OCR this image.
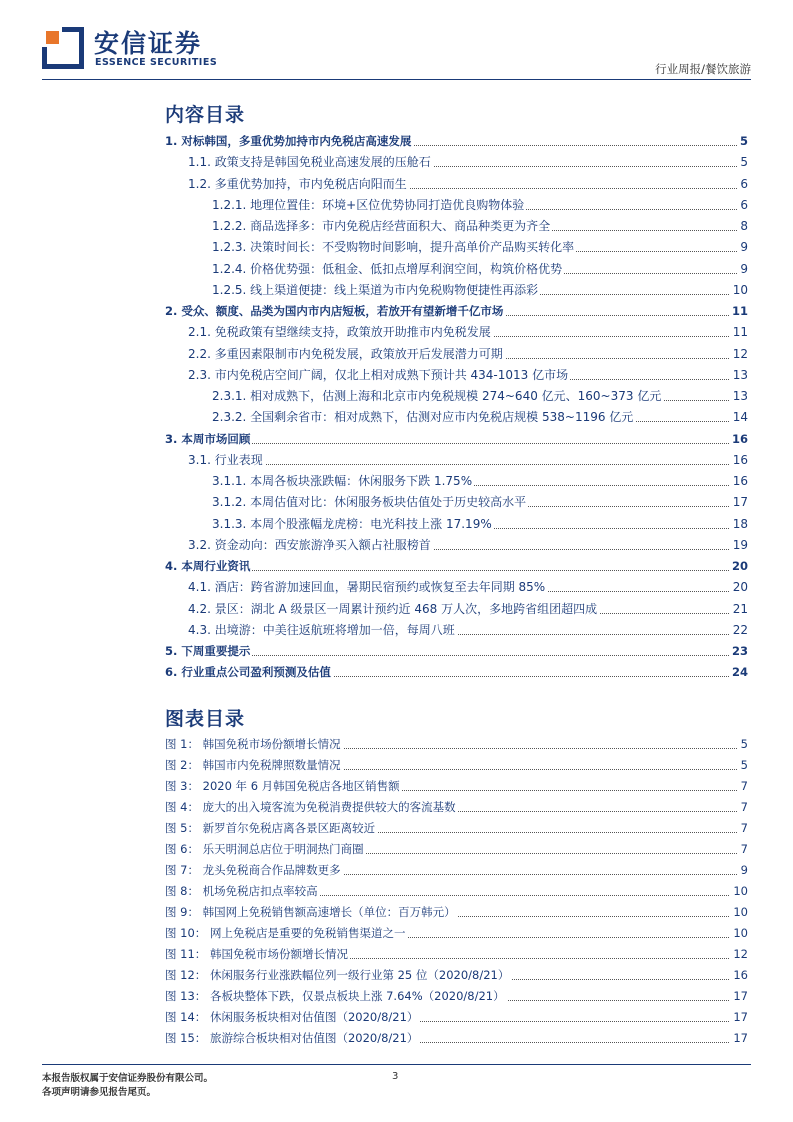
安信证券
ESSENCE SECURITIES	行业周报/餐饮旅游
内容目录
1. 对标韩国，多重优势加持市内免税店高速发展	5
1.1. 政策支持是韩国免税业高速发展的压舱石	5
1.2. 多重优势加持，市内免税店向阳而生	6
1.2.1. 地理位置佳：环境+区位优势协同打造优良购物体验	6
1.2.2. 商品选择多：市内免税店经营面积大、商品种类更为齐全	8
1.2.3. 决策时间长：不受购物时间影响，提升高单价产品购买转化率	9
1.2.4. 价格优势强：低租金、低扣点增厚利润空间，构筑价格优势	9
1.2.5. 线上渠道便捷：线上渠道为市内免税购物便捷性再添彩	10
2. 受众、额度、品类为国内市内店短板，若放开有望新增千亿市场	11
2.1. 免税政策有望继续支持，政策放开助推市内免税发展	11
2.2. 多重因素限制市内免税发展，政策放开后发展潜力可期	12
2.3. 市内免税店空间广阔，仅北上相对成熟下预计共 434-1013 亿市场	13
2.3.1. 相对成熟下，估测上海和北京市内免税规模 274~640 亿元、160~373 亿元	13
2.3.2. 全国剩余省市：相对成熟下，估测对应市内免税店规模 538~1196 亿元	14
3. 本周市场回顾	16
3.1. 行业表现	16
3.1.1. 本周各板块涨跌幅：休闲服务下跌 1.75%	16
3.1.2. 本周估值对比：休闲服务板块估值处于历史较高水平	17
3.1.3. 本周个股涨幅龙虎榜：电光科技上涨 17.19%	18
3.2. 资金动向：西安旅游净买入额占社服榜首	19
4. 本周行业资讯	20
4.1. 酒店：跨省游加速回血，暑期民宿预约或恢复至去年同期 85%	20
4.2. 景区：湖北 A 级景区一周累计预约近 468 万人次，多地跨省组团超四成	21
4.3. 出境游：中美往返航班将增加一倍，每周八班	22
5. 下周重要提示	23
6. 行业重点公司盈利预测及估值	24
图表目录
图 1： 韩国免税市场份额增长情况	5
图 2： 韩国市内免税牌照数量情况	5
图 3： 2020 年 6 月韩国免税店各地区销售额	7
图 4： 庞大的出入境客流为免税消费提供较大的客流基数	7
图 5： 新罗首尔免税店离各景区距离较近	7
图 6： 乐天明洞总店位于明洞热门商圈	7
图 7： 龙头免税商合作品牌数更多	9
图 8： 机场免税店扣点率较高	10
图 9： 韩国网上免税销售额高速增长（单位：百万韩元）	10
图 10： 网上免税店是重要的免税销售渠道之一	10
图 11： 韩国免税市场份额增长情况	12
图 12： 休闲服务行业涨跌幅位列一级行业第 25 位（2020/8/21）	16
图 13： 各板块整体下跌，仅景点板块上涨 7.64%（2020/8/21）	17
图 14： 休闲服务板块相对估值图（2020/8/21）	17
图 15： 旅游综合板块相对估值图（2020/8/21）	17
本报告版权属于安信证券股份有限公司。
各项声明请参见报告尾页。
3
